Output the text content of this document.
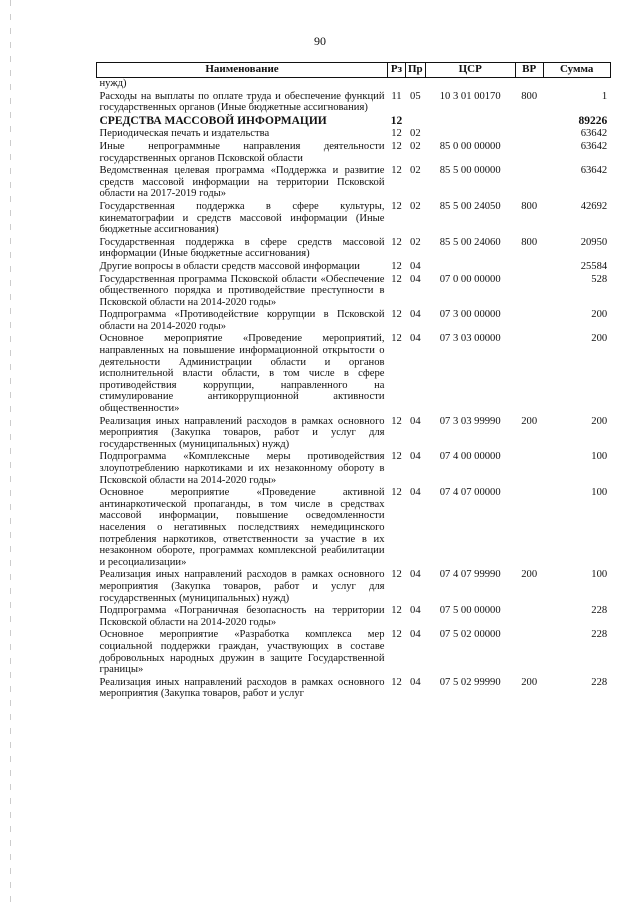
90
Наименование	Рз	Пр	ЦСР	ВР	Сумма
нужд)					
Расходы на выплаты по оплате труда и обеспечение функций государственных органов (Иные бюджетные ассигнования)	11	05	10 3 01 00170	800	1
СРЕДСТВА МАССОВОЙ ИНФОРМАЦИИ	12				89226
Периодическая печать и издательства	12	02			63642
Иные непрограммные направления деятельности государственных органов Псковской области	12	02	85 0 00 00000		63642
Ведомственная целевая программа «Поддержка и развитие средств массовой информации на территории Псковской области на 2017-2019 годы»	12	02	85 5 00 00000		63642
Государственная поддержка в сфере культуры, кинематографии и средств массовой информации (Иные бюджетные ассигнования)	12	02	85 5 00 24050	800	42692
Государственная поддержка в сфере средств массовой информации (Иные бюджетные ассигнования)	12	02	85 5 00 24060	800	20950
Другие вопросы в области средств массовой информации	12	04			25584
Государственная программа Псковской области «Обеспечение общественного порядка и противодействие преступности в Псковской области на 2014-2020 годы»	12	04	07 0 00 00000		528
Подпрограмма «Противодействие коррупции в Псковской области на 2014-2020 годы»	12	04	07 3 00 00000		200
Основное мероприятие «Проведение мероприятий, направленных на повышение информационной открытости о деятельности Администрации области и органов исполнительной власти области, в том числе в сфере противодействия коррупции, направленного на стимулирование антикоррупционной активности общественности»	12	04	07 3 03 00000		200
Реализация иных направлений расходов в рамках основного мероприятия (Закупка товаров, работ и услуг для государственных (муниципальных) нужд)	12	04	07 3 03 99990	200	200
Подпрограмма «Комплексные меры противодействия злоупотреблению наркотиками и их незаконному обороту в Псковской области на 2014-2020 годы»	12	04	07 4 00 00000		100
Основное мероприятие «Проведение активной антинаркотической пропаганды, в том числе в средствах массовой информации, повышение осведомленности населения о негативных последствиях немедицинского потребления наркотиков, ответственности за участие в их незаконном обороте, программах комплексной реабилитации и ресоциализации»	12	04	07 4 07 00000		100
Реализация иных направлений расходов в рамках основного мероприятия (Закупка товаров, работ и услуг для государственных (муниципальных) нужд)	12	04	07 4 07 99990	200	100
Подпрограмма «Пограничная безопасность на территории Псковской области на 2014-2020 годы»	12	04	07 5 00 00000		228
Основное мероприятие «Разработка комплекса мер социальной поддержки граждан, участвующих в составе добровольных народных дружин в защите Государственной границы»	12	04	07 5 02 00000		228
Реализация иных направлений расходов в рамках основного мероприятия (Закупка товаров, работ и услуг	12	04	07 5 02 99990	200	228
